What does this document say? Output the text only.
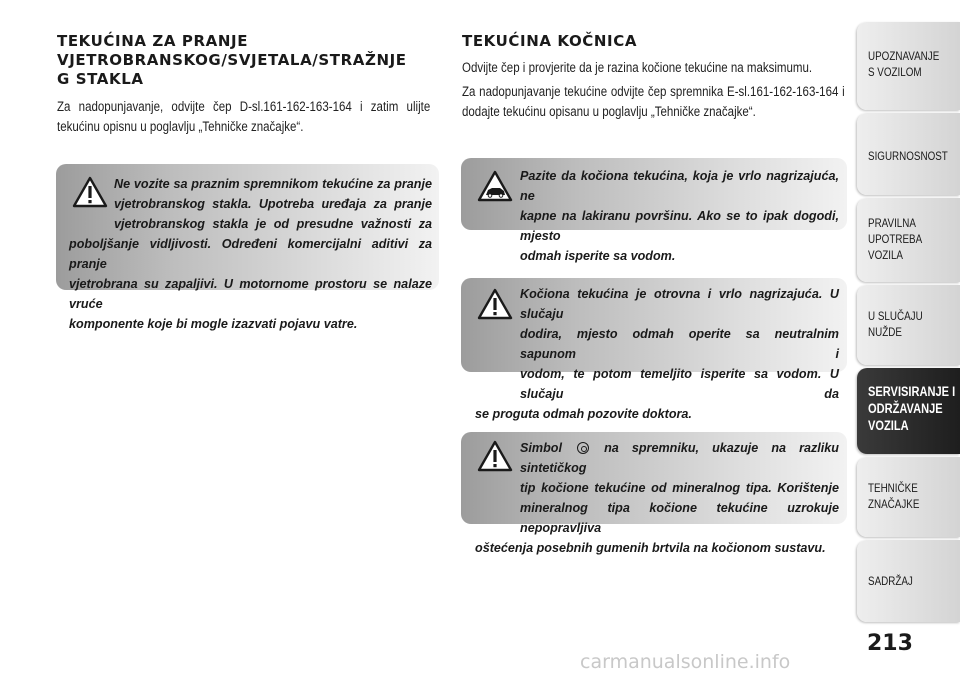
TEKUĆINA ZA PRANJE
VJETROBRANSKOG/SVJETALA/STRAŽNJE
G STAKLA

Za nadopunjavanje, odvijte čep D-sl.161-162-163-164 i zatim ulijte
tekućinu opisnu u poglavlju „Tehničke značajke“.

Ne vozite sa praznim spremnikom tekućine za pranje
vjetrobranskog stakla. Upotreba uređaja za pranje
vjetrobranskog stakla je od presudne važnosti za
poboljšanje vidljivosti. Određeni komercijalni aditivi za pranje
vjetrobrana su zapaljivi. U motornome prostoru se nalaze vruće
komponente koje bi mogle izazvati pojavu vatre.

TEKUĆINA KOČNICA

Odvijte čep i provjerite da je razina kočione tekućine na maksimumu.

Za nadopunjavanje tekućine odvijte čep spremnika E-sl.161-162-163-164 i
dodajte tekućinu opisanu u poglavlju „Tehničke značajke“.

Pazite da kočiona tekućina, koja je vrlo nagrizajuća, ne
kapne na lakiranu površinu. Ako se to ipak dogodi, mjesto
odmah isperite sa vodom.

Kočiona tekućina je otrovna i vrlo nagrizajuća. U slučaju
dodira, mjesto odmah operite sa neutralnim sapunom i
vodom, te potom temeljito isperite sa vodom. U slučaju da
se proguta odmah pozovite doktora.

Simbol	na spremniku, ukazuje na razliku sintetičkog
tip kočione tekućine od mineralnog tipa. Korištenje
mineralnog tipa kočione tekućine uzrokuje nepopravljiva
oštećenja posebnih gumenih brtvila na kočionom sustavu.

UPOZNAVANJE
S VOZILOM

SIGURNOSNOST

PRAVILNA
UPOTREBA
VOZILA

U SLUČAJU
NUŽDE

SERVISIRANJE I
ODRŽAVANJE
VOZILA

TEHNIČKE
ZNAČAJKE

SADRŽAJ

213

carmanualsonline.info
